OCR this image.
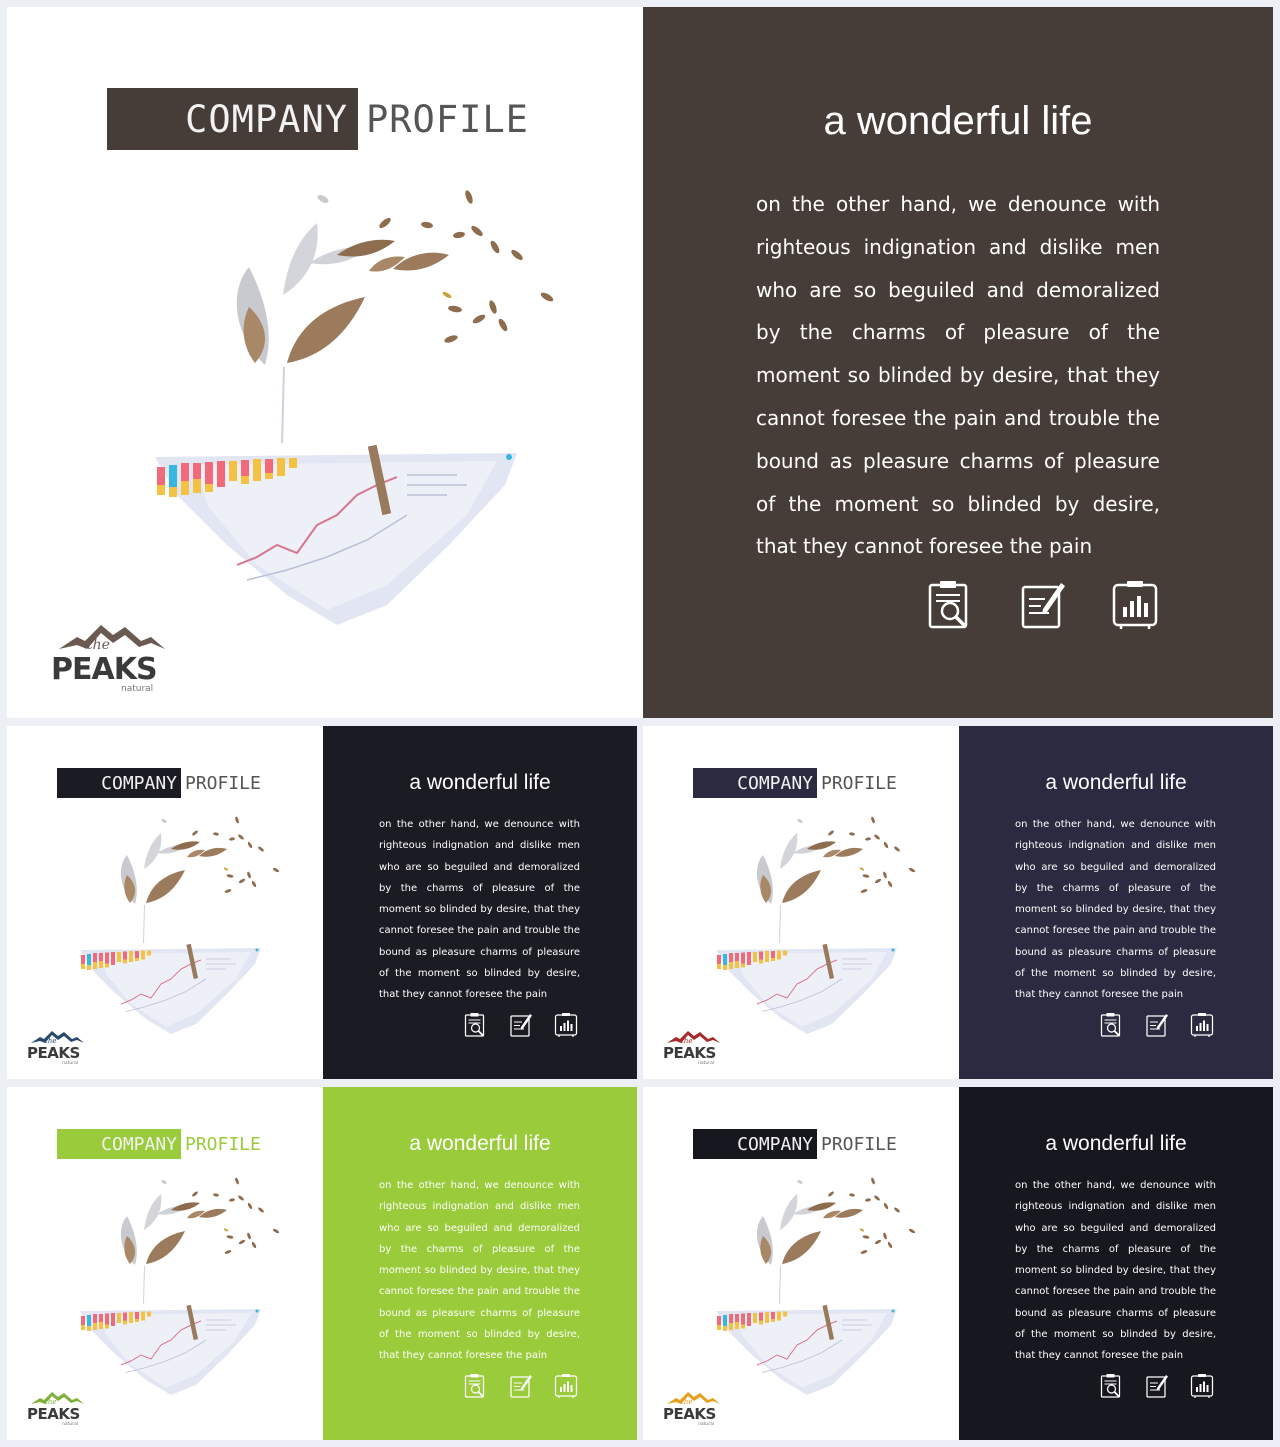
COMPANY PROFILE	a wonderful life
on the other hand, we denounce with righteous indignation and dislike men who are so beguiled and demoralized by the charms of pleasure of the moment so blinded by desire, that they cannot foresee the pain and trouble the bound as pleasure charms of pleasure of the moment so blinded by desire, that they cannot foresee the pain
COMPANY PROFILE	a wonderful life
on the other hand, we denounce with righteous indignation and dislike men who are so beguiled and demoralized by the charms of pleasure of the moment so blinded by desire, that they cannot foresee the pain and trouble the bound as pleasure charms of pleasure of the moment so blinded by desire, that they cannot foresee the pain
COMPANY PROFILE	a wonderful life
on the other hand, we denounce with righteous indignation and dislike men who are so beguiled and demoralized by the charms of pleasure of the moment so blinded by desire, that they cannot foresee the pain and trouble the bound as pleasure charms of pleasure of the moment so blinded by desire, that they cannot foresee the pain
COMPANY PROFILE	a wonderful life
on the other hand, we denounce with righteous indignation and dislike men who are so beguiled and demoralized by the charms of pleasure of the moment so blinded by desire, that they cannot foresee the pain and trouble the bound as pleasure charms of pleasure of the moment so blinded by desire, that they cannot foresee the pain
COMPANY PROFILE	a wonderful life
on the other hand, we denounce with righteous indignation and dislike men who are so beguiled and demoralized by the charms of pleasure of the moment so blinded by desire, that they cannot foresee the pain and trouble the bound as pleasure charms of pleasure of the moment so blinded by desire, that they cannot foresee the pain
